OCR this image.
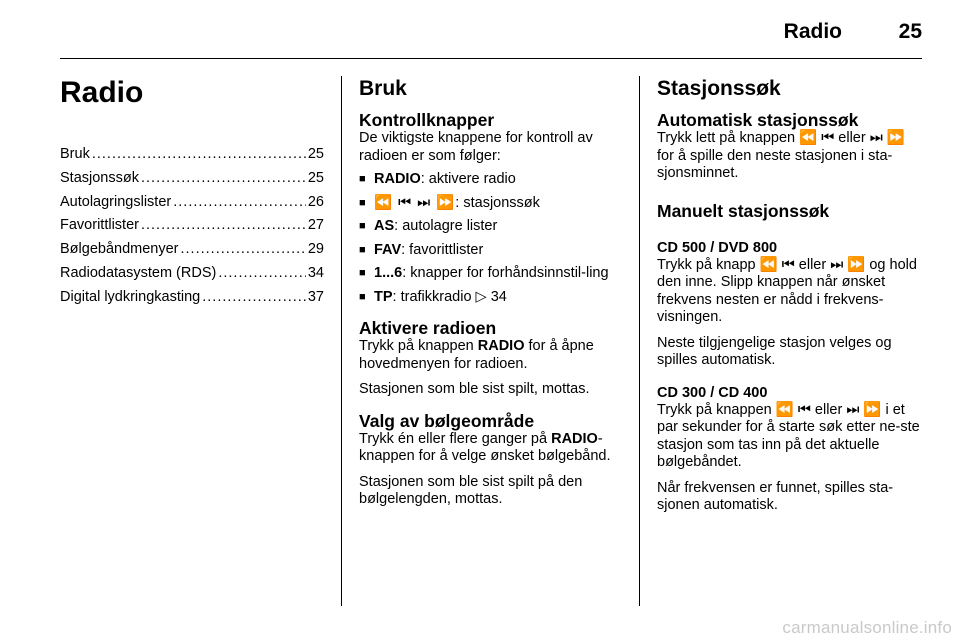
Radio	25
Radio
Bruk .....	25
Stasjonssøk .....	25
Autolagringslister .....	26
Favorittlister .....	27
Bølgebåndmenyer .....	29
Radiodatasystem (RDS) .....	34
Digital lydkringkasting .....	37
Bruk
Kontrollknapper

De viktigste knappene for kontroll av radioen er som følger:

■ RADIO: aktivere radio
■ ⏪ ⏮ ⏭ ⏩: stasjonssøk
■ AS: autolagre lister
■ FAV: favorittlister
■ 1...6: knapper for forhåndsinnstil-ling
■ TP: trafikkradio ▷ 34
Aktivere radioen

Trykk på knappen RADIO for å åpne hovedmenyen for radioen.

Stasjonen som ble sist spilt, mottas.

Valg av bølgeområde

Trykk én eller flere ganger på RADIO-knappen for å velge ønsket bølgebånd.

Stasjonen som ble sist spilt på den bølgelengden, mottas.

Stasjonssøk
Automatisk stasjonssøk

Trykk lett på knappen ⏪ ⏮ eller ⏭ ⏩ for å spille den neste stasjonen i sta-sjonsminnet.

Manuelt stasjonssøk
CD 500 / DVD 800

Trykk på knapp ⏪ ⏮ eller ⏭ ⏩ og hold den inne. Slipp knappen når ønsket frekvens nesten er nådd i frekvens-visningen.

Neste tilgjengelige stasjon velges og spilles automatisk.

CD 300 / CD 400

Trykk på knappen ⏪ ⏮ eller ⏭ ⏩ i et par sekunder for å starte søk etter ne-ste stasjon som tas inn på det aktuelle bølgebåndet.

Når frekvensen er funnet, spilles sta-sjonen automatisk.

carmanualsonline.info
